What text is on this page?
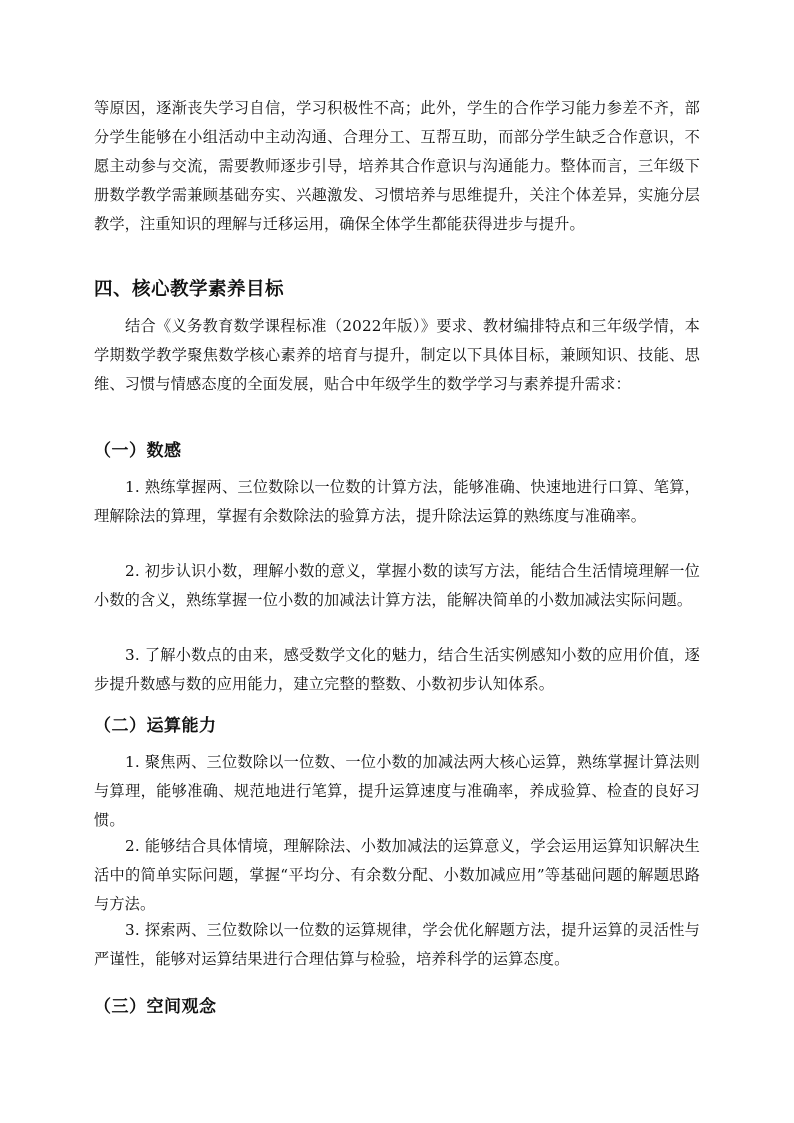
等原因，逐渐丧失学习自信，学习积极性不高；此外，学生的合作学习能力参差不齐，部分学生能够在小组活动中主动沟通、合理分工、互帮互助，而部分学生缺乏合作意识，不愿主动参与交流，需要教师逐步引导，培养其合作意识与沟通能力。整体而言，三年级下册数学教学需兼顾基础夯实、兴趣激发、习惯培养与思维提升，关注个体差异，实施分层教学，注重知识的理解与迁移运用，确保全体学生都能获得进步与提升。

四、核心教学素养目标

结合《义务教育数学课程标准（2022年版）》要求、教材编排特点和三年级学情，本学期数学教学聚焦数学核心素养的培育与提升，制定以下具体目标，兼顾知识、技能、思维、习惯与情感态度的全面发展，贴合中年级学生的数学学习与素养提升需求：

（一）数感

1. 熟练掌握两、三位数除以一位数的计算方法，能够准确、快速地进行口算、笔算，理解除法的算理，掌握有余数除法的验算方法，提升除法运算的熟练度与准确率。

2. 初步认识小数，理解小数的意义，掌握小数的读写方法，能结合生活情境理解一位小数的含义，熟练掌握一位小数的加减法计算方法，能解决简单的小数加减法实际问题。

3. 了解小数点的由来，感受数学文化的魅力，结合生活实例感知小数的应用价值，逐步提升数感与数的应用能力，建立完整的整数、小数初步认知体系。

（二）运算能力

1. 聚焦两、三位数除以一位数、一位小数的加减法两大核心运算，熟练掌握计算法则与算理，能够准确、规范地进行笔算，提升运算速度与准确率，养成验算、检查的良好习惯。

2. 能够结合具体情境，理解除法、小数加减法的运算意义，学会运用运算知识解决生活中的简单实际问题，掌握“平均分、有余数分配、小数加减应用”等基础问题的解题思路与方法。

3. 探索两、三位数除以一位数的运算规律，学会优化解题方法，提升运算的灵活性与严谨性，能够对运算结果进行合理估算与检验，培养科学的运算态度。

（三）空间观念
